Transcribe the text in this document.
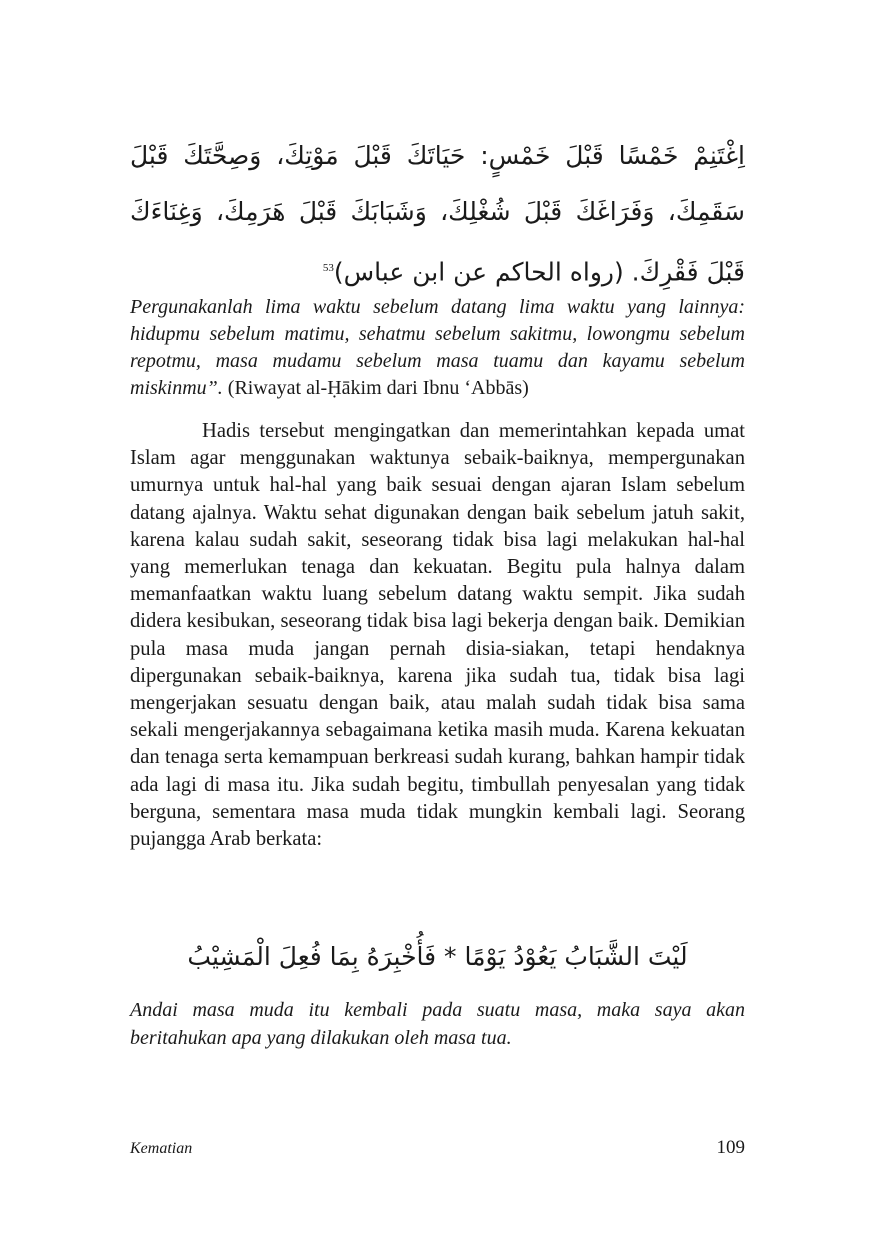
اِغْتَنِمْ خَمْسًا قَبْلَ خَمْسٍ: حَيَاتَكَ قَبْلَ مَوْتِكَ، وَصِحَّتَكَ قَبْلَ سَقَمِكَ، وَفَرَاغَكَ قَبْلَ شُغْلِكَ، وَشَبَابَكَ قَبْلَ هَرَمِكَ، وَغِنَاءَكَ قَبْلَ فَقْرِكَ. (رواه الحاكم عن ابن عباس)$^{53}$

Pergunakanlah lima waktu sebelum datang lima waktu yang lainnya: hidupmu sebelum matimu, sehatmu sebelum sakitmu, lowongmu sebelum repotmu, masa mudamu sebelum masa tuamu dan kayamu sebelum miskinmu”. (Riwayat al-Ḥākim dari Ibnu ‘Abbās)

Hadis tersebut mengingatkan dan memerintahkan kepada umat Islam agar menggunakan waktunya sebaik-baiknya, mempergunakan umurnya untuk hal-hal yang baik sesuai dengan ajaran Islam sebelum datang ajalnya. Waktu sehat digunakan dengan baik sebelum jatuh sakit, karena kalau sudah sakit, seseorang tidak bisa lagi melakukan hal-hal yang memerlukan tenaga dan kekuatan. Begitu pula halnya dalam memanfaatkan waktu luang sebelum datang waktu sempit. Jika sudah didera kesibukan, seseorang tidak bisa lagi bekerja dengan baik. Demikian pula masa muda jangan pernah disia-siakan, tetapi hendaknya dipergunakan sebaik-baiknya, karena jika sudah tua, tidak bisa lagi mengerjakan sesuatu dengan baik, atau malah sudah tidak bisa sama sekali mengerjakannya sebagaimana ketika masih muda. Karena kekuatan dan tenaga serta kemampuan berkreasi sudah kurang, bahkan hampir tidak ada lagi di masa itu. Jika sudah begitu, timbullah penyesalan yang tidak berguna, sementara masa muda tidak mungkin kembali lagi. Seorang pujangga Arab berkata:

لَيْتَ الشَّبَابُ يَعُوْدُ يَوْمًا * فَأُخْبِرَهُ بِمَا فُعِلَ الْمَشِيْبُ

Andai masa muda itu kembali pada suatu masa, maka saya akan beritahukan apa yang dilakukan oleh masa tua.

Kematian	109
